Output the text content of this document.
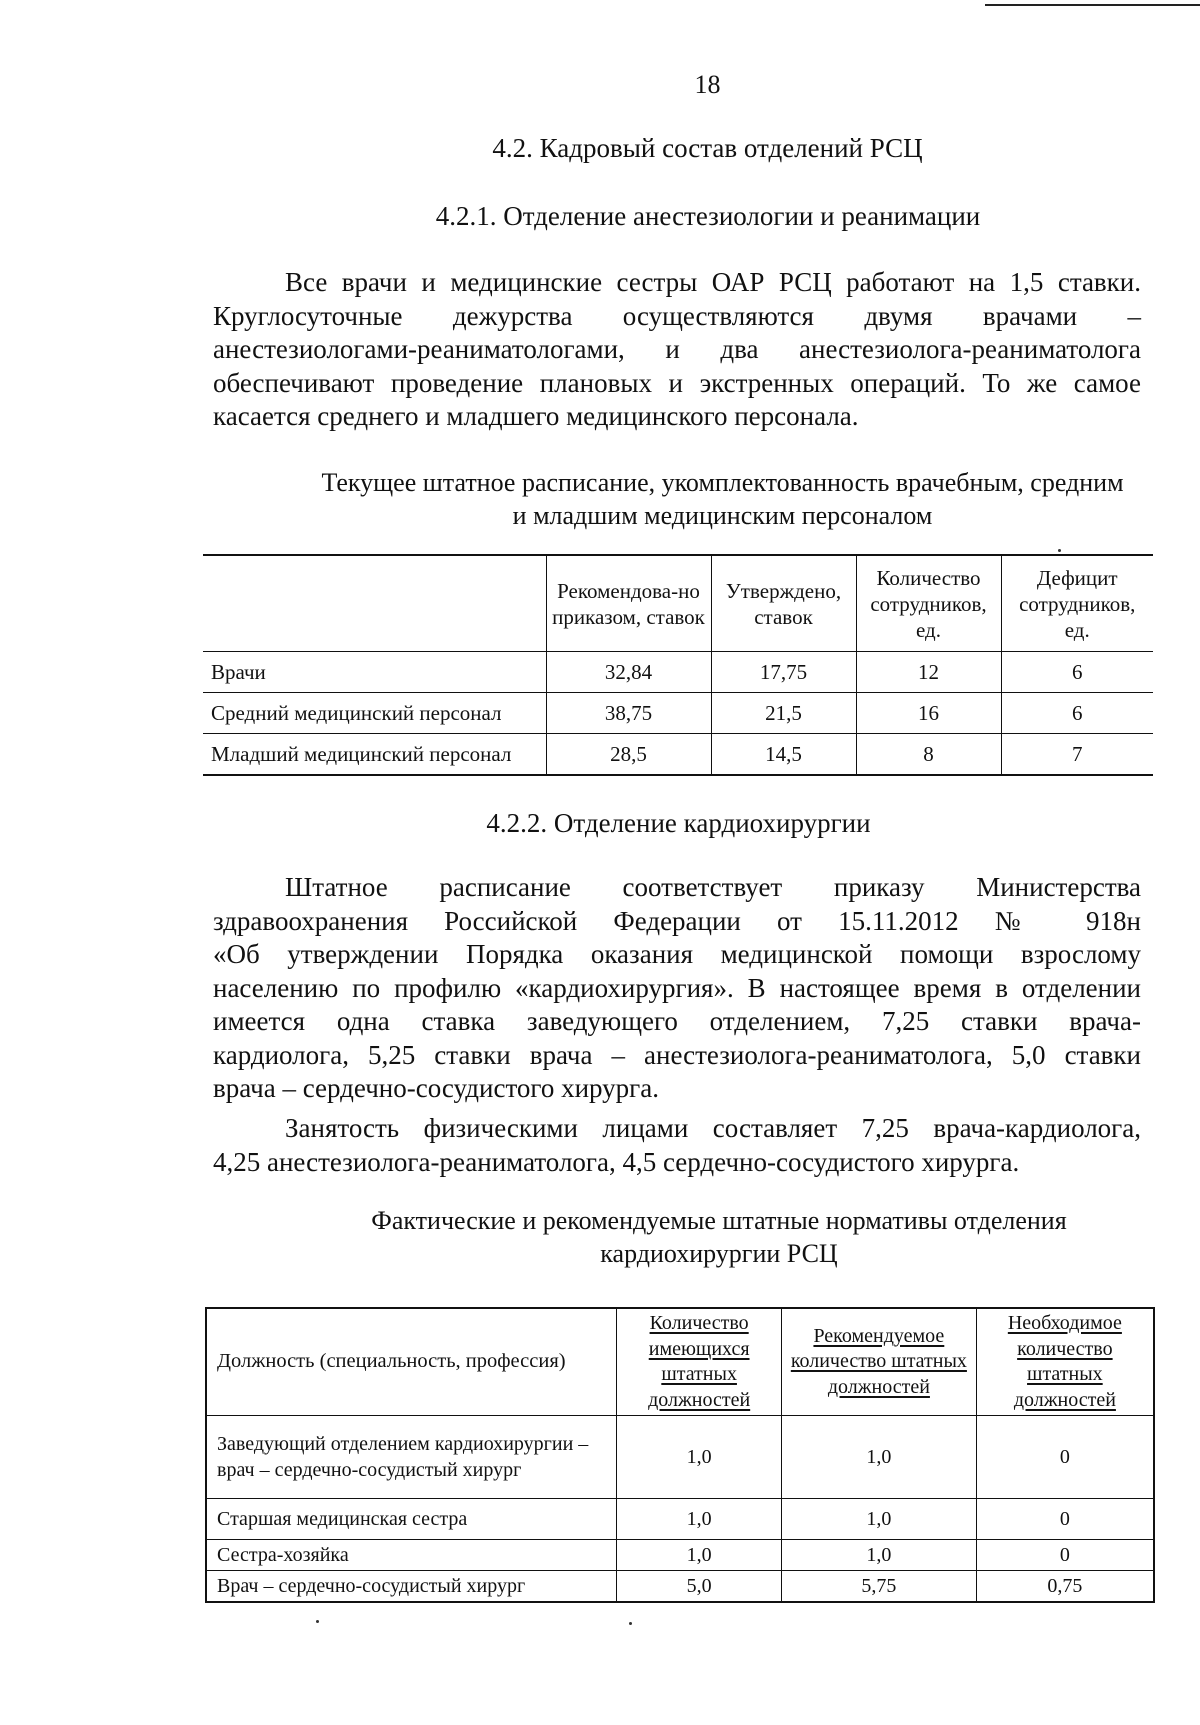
18
4.2. Кадровый состав отделений РСЦ
4.2.1. Отделение анестезиологии и реанимации

Все врачи и медицинские сестры ОАР РСЦ работают на 1,5 ставки.
Круглосуточные дежурства осуществляются двумя врачами –
анестезиологами-реаниматологами, и два анестезиолога-реаниматолога
обеспечивают проведение плановых и экстренных операций. То же самое
касается среднего и младшего медицинского персонала.

Текущее штатное расписание, укомплектованность врачебным, средним
и младшим медицинским персоналом

	Рекомендова-но приказом, ставок	Утверждено, ставок	Количество сотрудников, ед.	Дефицит сотрудников, ед.
Врачи	32,84	17,75	12	6
Средний медицинский персонал	38,75	21,5	16	6
Младший медицинский персонал	28,5	14,5	8	7
4.2.2. Отделение кардиохирургии

Штатное расписание соответствует приказу Министерства
здравоохранения Российской Федерации от 15.11.2012 № 918н
«Об утверждении Порядка оказания медицинской помощи взрослому
населению по профилю «кардиохирургия». В настоящее время в отделении
имеется одна ставка заведующего отделением, 7,25 ставки врача-
кардиолога, 5,25 ставки врача – анестезиолога-реаниматолога, 5,0 ставки
врача – сердечно-сосудистого хирурга.

Занятость физическими лицами составляет 7,25 врача-кардиолога,
4,25 анестезиолога-реаниматолога, 4,5 сердечно-сосудистого хирурга.

Фактические и рекомендуемые штатные нормативы отделения
кардиохирургии РСЦ

Должность (специальность, профессия)	Количество имеющихся штатных должностей	Рекомендуемое количество штатных должностей	Необходимое количество штатных должностей
Заведующий отделением кардиохирургии – врач – сердечно-сосудистый хирург	1,0	1,0	0
Старшая медицинская сестра	1,0	1,0	0
Сестра-хозяйка	1,0	1,0	0
Врач – сердечно-сосудистый хирург	5,0	5,75	0,75
